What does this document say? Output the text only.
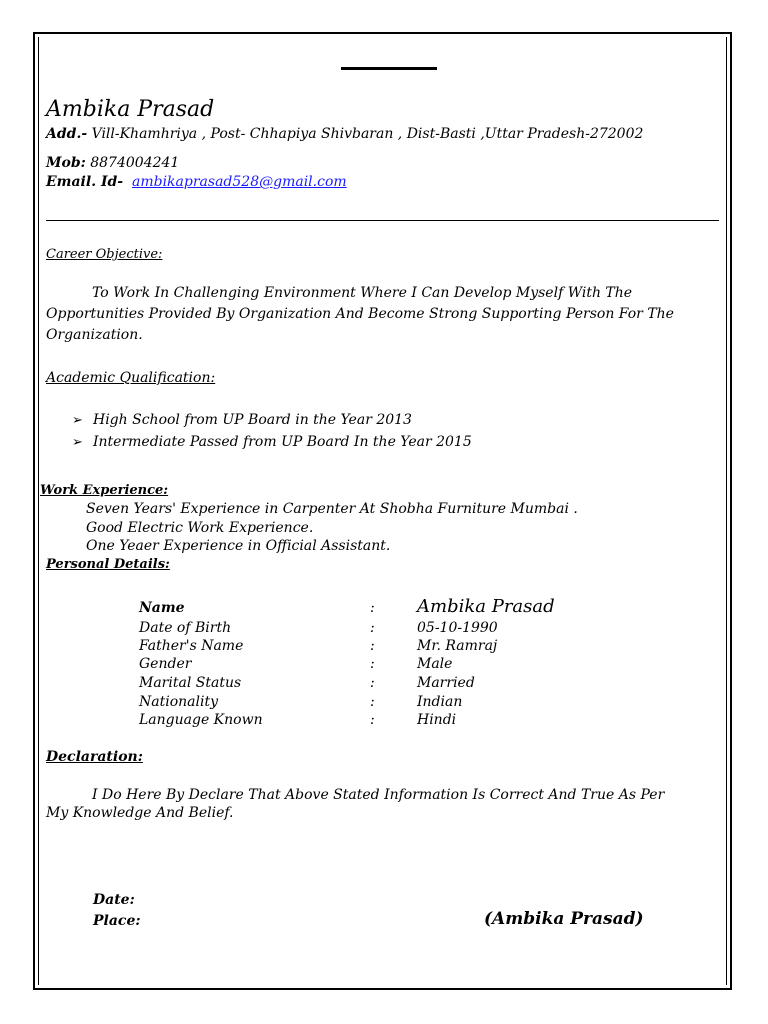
Ambika Prasad
Add.- Vill-Khamhriya , Post- Chhapiya Shivbaran , Dist-Basti ,Uttar Pradesh-272002
Mob: 8874004241
Email. Id- ambikaprasad528@gmail.com
Career Objective:
To Work In Challenging Environment Where I Can Develop Myself With The Opportunities Provided By Organization And Become Strong Supporting Person For The Organization.
Academic Qualification:
➢ High School from UP Board in the Year 2013
➢ Intermediate Passed from UP Board In the Year 2015
Work Experience:
Seven Years' Experience in Carpenter At Shobha Furniture Mumbai .
Good Electric Work Experience.
One Yeaer Experience in Official Assistant.
Personal Details:
Name	: Ambika Prasad
Date of Birth	:	05-10-1990
Father's Name	:	Mr. Ramraj
Gender	:	Male
Marital Status	:	Married
Nationality	:	Indian
Language Known	:	Hindi
Declaration:
I Do Here By Declare That Above Stated Information Is Correct And True As Per My Knowledge And Belief.
Date:
Place:	(Ambika Prasad)
